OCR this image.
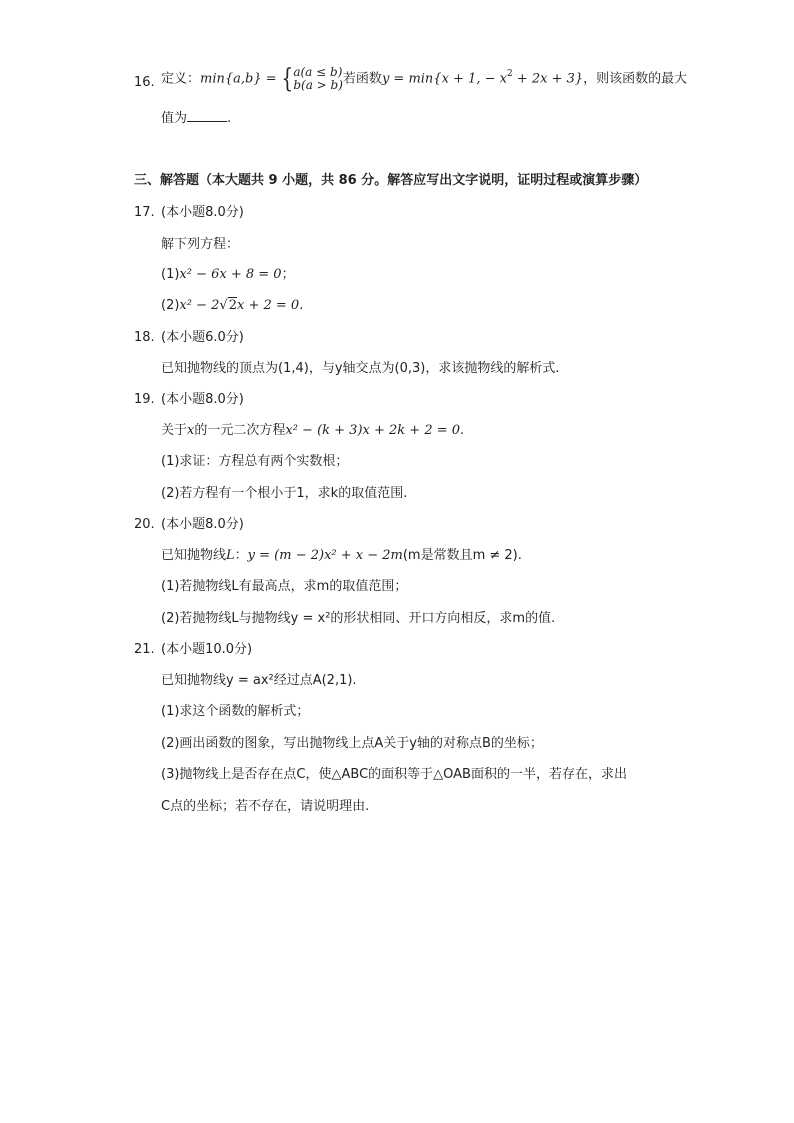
16. 定义：min{a,b} = { a(a ≤ b)
b(a > b) 若函数y = min{x + 1, − $x^2 + 2x + 3$}，则该函数的最大
值为	.
三、解答题（本大题共 9 小题，共 86 分。解答应写出文字说明，证明过程或演算步骤）
17. (本小题8.0分)
解下列方程：
(1)x² − 6x + 8 = 0；
(2)x² − 2√2x + 2 = 0.
18. (本小题6.0分)
已知抛物线的顶点为(1,4)，与y轴交点为(0,3)，求该抛物线的解析式.
19. (本小题8.0分)
关于x的一元二次方程x² − (k + 3)x + 2k + 2 = 0.
(1)求证：方程总有两个实数根；
(2)若方程有一个根小于1，求k的取值范围.
20. (本小题8.0分)
已知抛物线L：y = (m − 2)x² + x − 2m(m是常数且m ≠ 2).
(1)若抛物线L有最高点，求m的取值范围；
(2)若抛物线L与抛物线y = x²的形状相同、开口方向相反，求m的值.
21. (本小题10.0分)
已知抛物线y = ax²经过点A(2,1).
(1)求这个函数的解析式；
(2)画出函数的图象，写出抛物线上点A关于y轴的对称点B的坐标；
(3)抛物线上是否存在点C，使△ABC的面积等于△OAB面积的一半，若存在，求出
C点的坐标；若不存在，请说明理由.
